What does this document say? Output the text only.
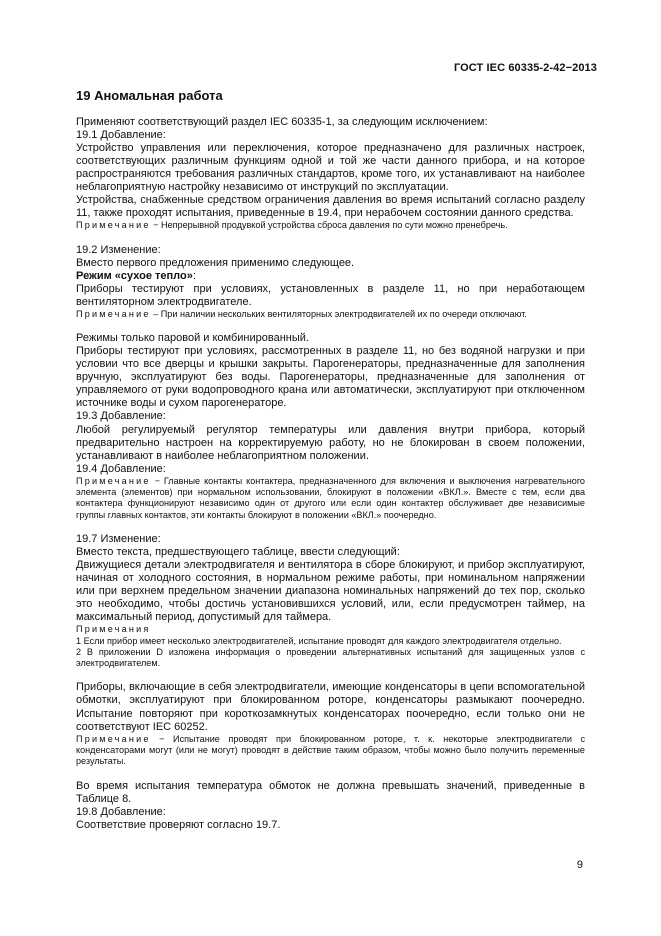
ГОСТ IEC 60335-2-42−2013
19 Аномальная работа

Применяют соответствующий раздел IEC 60335-1, за следующим исключением:

19.1 Добавление:

Устройство управления или переключения, которое предназначено для различных настроек, соответствующих различным функциям одной и той же части данного прибора, и на которое распространяются требования различных стандартов, кроме того, их устанавливают на наиболее неблагоприятную настройку независимо от инструкций по эксплуатации.

Устройства, снабженные средством ограничения давления во время испытаний согласно разделу 11, также проходят испытания, приведенные в 19.4, при нерабочем состоянии данного средства.

Примечание − Непрерывной продувкой устройства сброса давления по сути можно пренебречь.

19.2 Изменение:

Вместо первого предложения применимо следующее.

Режим «сухое тепло»:

Приборы тестируют при условиях, установленных в разделе 11, но при неработающем вентиляторном электродвигателе.

Примечание – При наличии нескольких вентиляторных электродвигателей их по очереди отключают.

Режимы только паровой и комбинированный.

Приборы тестируют при условиях, рассмотренных в разделе 11, но без водяной нагрузки и при условии что все дверцы и крышки закрыты. Парогенераторы, предназначенные для заполнения вручную, эксплуатируют без воды. Парогенераторы, предназначенные для заполнения от управляемого от руки водопроводного крана или автоматически, эксплуатируют при отключенном источнике воды и сухом парогенераторе.

19.3 Добавление:

Любой регулируемый регулятор температуры или давления внутри прибора, который предварительно настроен на корректируемую работу, но не блокирован в своем положении, устанавливают в наиболее неблагоприятном положении.

19.4 Добавление:

Примечание − Главные контакты контактера, предназначенного для включения и выключения нагревательного элемента (элементов) при нормальном использовании, блокируют в положении «ВКЛ.». Вместе с тем, если два контактера функционируют независимо один от другого или если один контактер обслуживает две независимые группы главных контактов, эти контакты блокируют в положении «ВКЛ.» поочередно.

19.7 Изменение:

Вместо текста, предшествующего таблице, ввести следующий:

Движущиеся детали электродвигателя и вентилятора в сборе блокируют, и прибор эксплуатируют, начиная от холодного состояния, в нормальном режиме работы, при номинальном напряжении или при верхнем предельном значении диапазона номинальных напряжений до тех пор, сколько это необходимо, чтобы достичь установившихся условий, или, если предусмотрен таймер, на максимальный период, допустимый для таймера.

Примечания

1 Если прибор имеет несколько электродвигателей, испытание проводят для каждого электродвигателя отдельно.

2 В приложении D изложена информация о проведении альтернативных испытаний для защищенных узлов с электродвигателем.

Приборы, включающие в себя электродвигатели, имеющие конденсаторы в цепи вспомогательной обмотки, эксплуатируют при блокированном роторе, конденсаторы размыкают поочередно. Испытание повторяют при короткозамкнутых конденсаторах поочередно, если только они не соответствуют IEC 60252.

Примечание − Испытание проводят при блокированном роторе, т. к. некоторые электродвигатели с конденсаторами могут (или не могут) проводят в действие таким образом, чтобы можно было получить переменные результаты.

Во время испытания температура обмоток не должна превышать значений, приведенные в Таблице 8.

19.8 Добавление:

Соответствие проверяют согласно 19.7.

9
